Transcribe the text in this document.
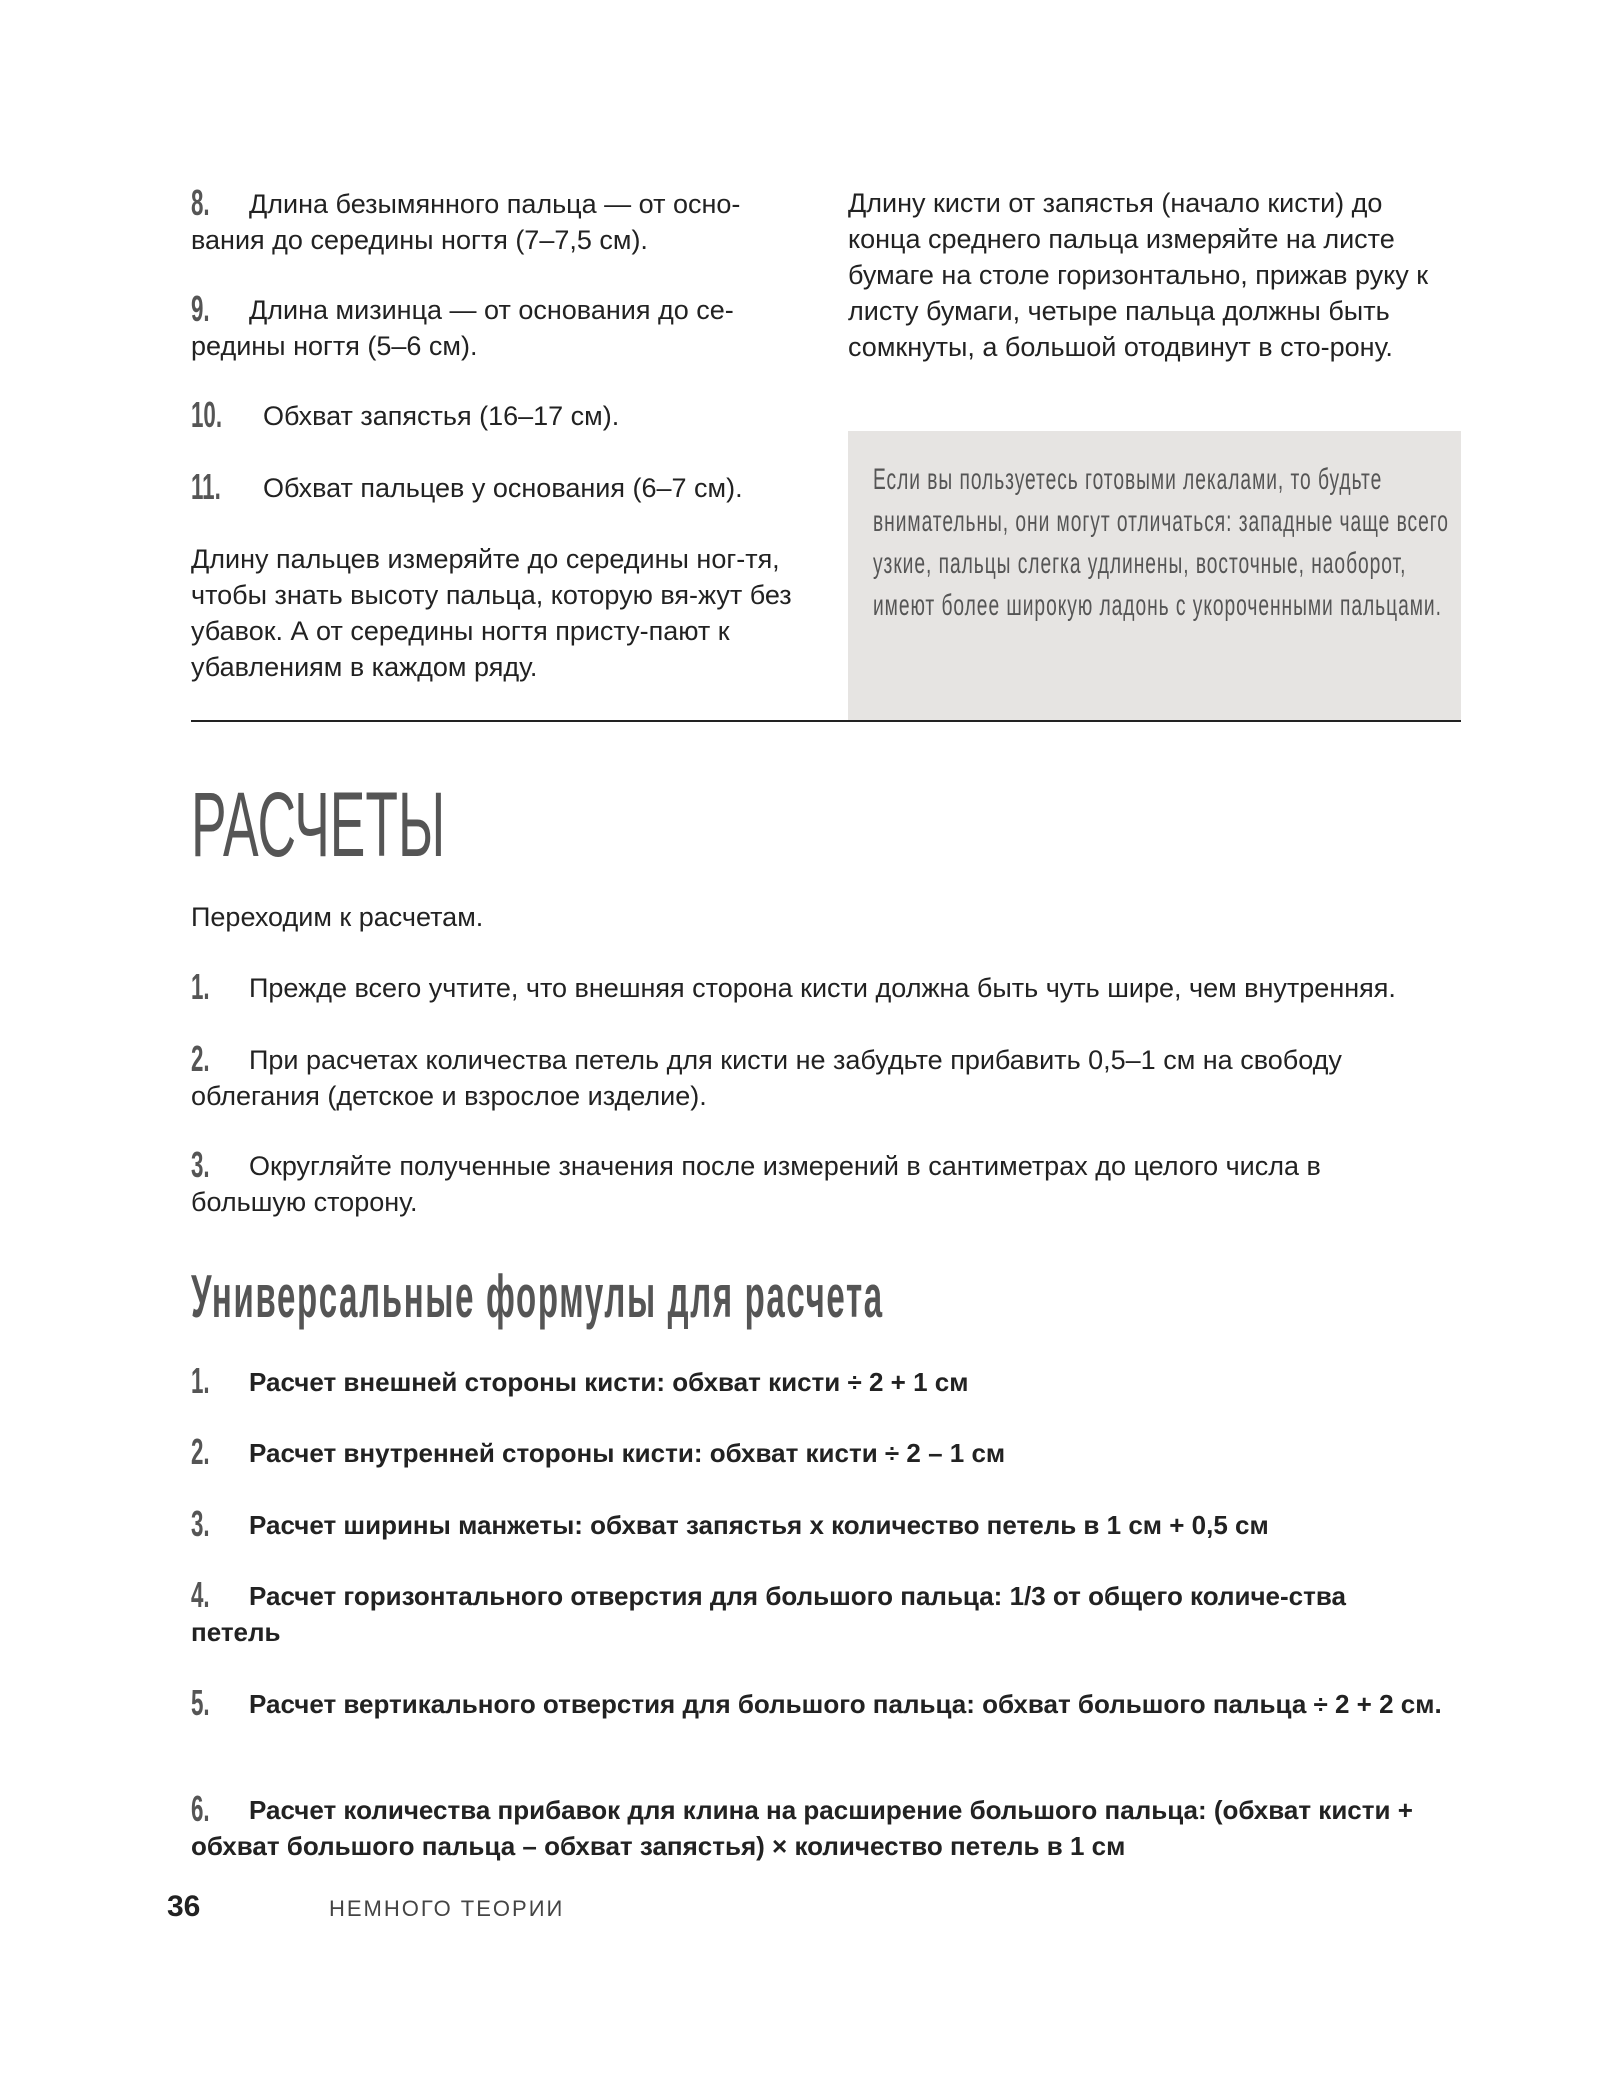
8. Длина безымянного пальца — от осно-вания до середины ногтя (7–7,5 см).
9. Длина мизинца — от основания до се-редины ногтя (5–6 см).
10. Обхват запястья (16–17 см).
11. Обхват пальцев у основания (6–7 см).
Длину пальцев измеряйте до середины ног-тя, чтобы знать высоту пальца, которую вя-жут без убавок. А от середины ногтя присту-пают к убавлениям в каждом ряду.
Длину кисти от запястья (начало кисти) до конца среднего пальца измеряйте на листе бумаге на столе горизонтально, прижав руку к листу бумаги, четыре пальца должны быть сомкнуты, а большой отодвинут в сто-рону.

Если вы пользуетесь готовыми лекалами, то будьте внимательны, они могут отличаться: западные чаще всего узкие, пальцы слегка удлинены, восточные, наоборот, имеют более широкую ладонь с укороченными пальцами.

РАСЧЕТЫ
Переходим к расчетам.
1. Прежде всего учтите, что внешняя сторона кисти должна быть чуть шире, чем внутренняя.
2. При расчетах количества петель для кисти не забудьте прибавить 0,5–1 см на свободу облегания (детское и взрослое изделие).
3. Округляйте полученные значения после измерений в сантиметрах до целого числа в большую сторону.
Универсальные формулы для расчета
1. Расчет внешней стороны кисти: обхват кисти ÷ 2 + 1 см
2. Расчет внутренней стороны кисти: обхват кисти ÷ 2 – 1 см
3. Расчет ширины манжеты: обхват запястья х количество петель в 1 см + 0,5 см
4. Расчет горизонтального отверстия для большого пальца: 1/3 от общего количе-ства петель
5. Расчет вертикального отверстия для большого пальца: обхват большого пальца ÷ 2 + 2 см.
6. Расчет количества прибавок для клина на расширение большого пальца: (обхват кисти + обхват большого пальца – обхват запястья) × количество петель в 1 см
36	НЕМНОГО ТЕОРИИ
